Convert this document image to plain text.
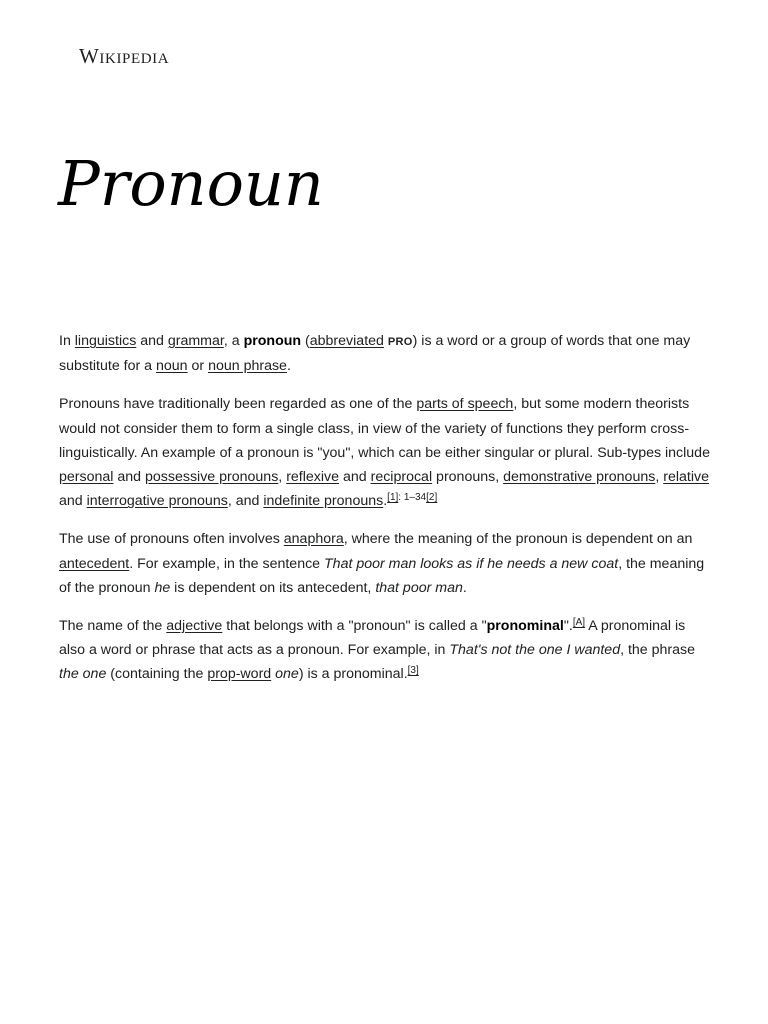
Wikipedia
Pronoun

In linguistics and grammar, a pronoun (abbreviated PRO) is a word or a group of words that one may substitute for a noun or noun phrase.

Pronouns have traditionally been regarded as one of the parts of speech, but some modern theorists would not consider them to form a single class, in view of the variety of functions they perform cross-linguistically. An example of a pronoun is "you", which can be either singular or plural. Sub-types include personal and possessive pronouns, reflexive and reciprocal pronouns, demonstrative pronouns, relative and interrogative pronouns, and indefinite pronouns.[1]: 1–34[2]

The use of pronouns often involves anaphora, where the meaning of the pronoun is dependent on an antecedent. For example, in the sentence That poor man looks as if he needs a new coat, the meaning of the pronoun he is dependent on its antecedent, that poor man.

The name of the adjective that belongs with a "pronoun" is called a "pronominal".[A] A pronominal is also a word or phrase that acts as a pronoun. For example, in That's not the one I wanted, the phrase the one (containing the prop-word one) is a pronominal.[3]
